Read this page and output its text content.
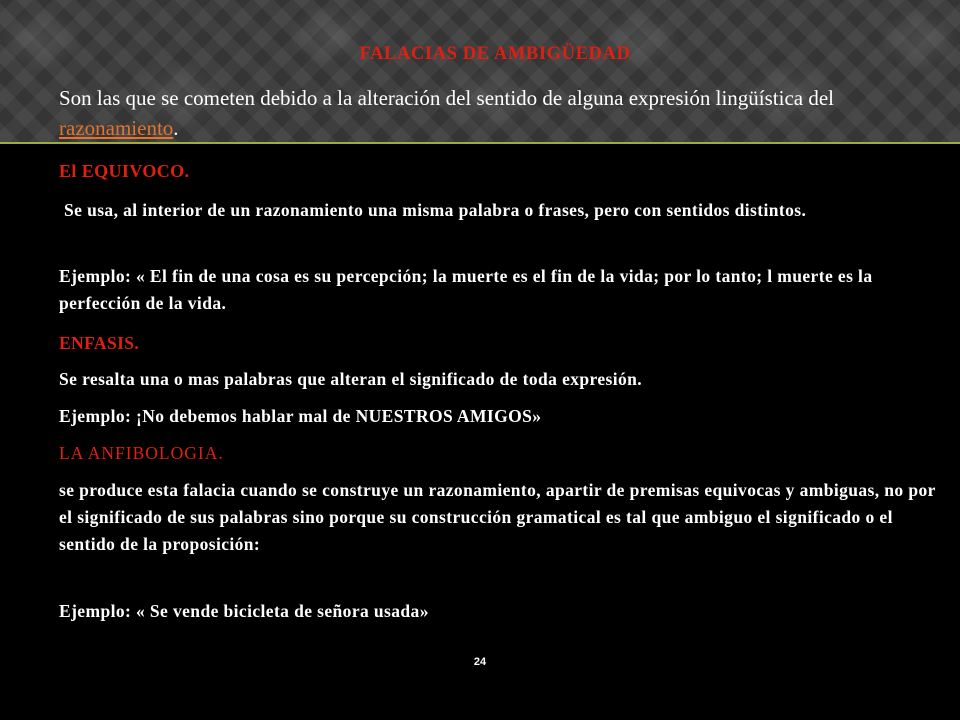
FALACIAS DE AMBIGÜEDAD

Son las que se cometen debido a la alteración del sentido de alguna expresión lingüística del razonamiento.

El EQUIVOCO.

Se usa, al interior de un razonamiento una misma palabra o frases, pero con sentidos distintos.

Ejemplo: « El fin de una cosa es su percepción; la muerte es el fin de la vida; por lo tanto; l muerte es la perfección de la vida.

ENFASIS.

Se resalta una o mas palabras que alteran el significado de toda expresión.

Ejemplo: ¡No debemos hablar mal de NUESTROS AMIGOS»

LA ANFIBOLOGIA.

se produce esta falacia cuando se construye un razonamiento, apartir de premisas equivocas y ambiguas, no por el significado de sus palabras sino porque su construcción gramatical es tal que ambiguo el significado o el sentido de la proposición:

Ejemplo: « Se vende bicicleta de señora usada»

24
